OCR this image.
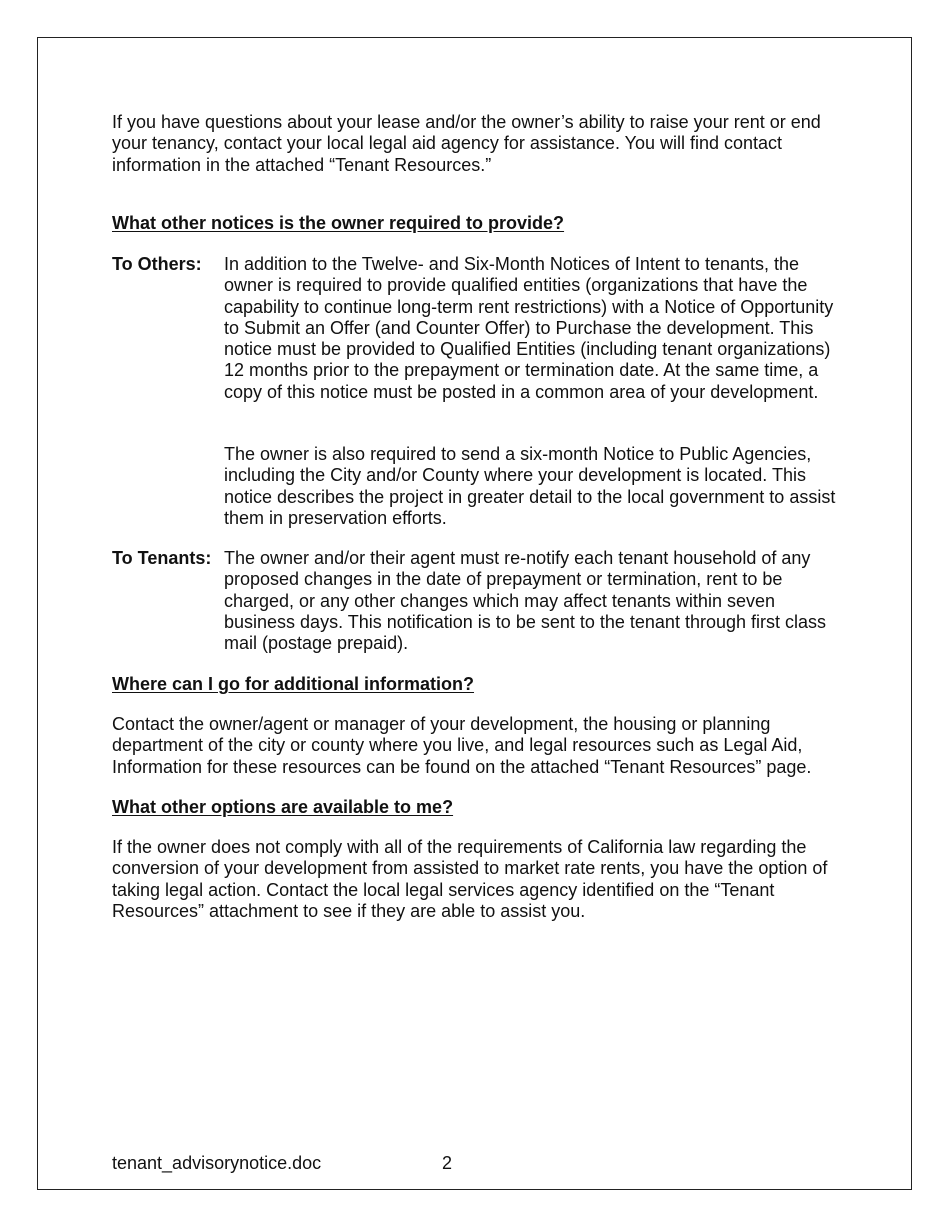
If you have questions about your lease and/or the owner’s ability to raise your rent or end your tenancy, contact your local legal aid agency for assistance. You will find contact information in the attached “Tenant Resources.”

What other notices is the owner required to provide?
To Others: In addition to the Twelve- and Six-Month Notices of Intent to tenants, the owner is required to provide qualified entities (organizations that have the capability to continue long-term rent restrictions) with a Notice of Opportunity to Submit an Offer (and Counter Offer) to Purchase the development. This notice must be provided to Qualified Entities (including tenant organizations) 12 months prior to the prepayment or termination date. At the same time, a copy of this notice must be posted in a common area of your development.

The owner is also required to send a six-month Notice to Public Agencies, including the City and/or County where your development is located. This notice describes the project in greater detail to the local government to assist them in preservation efforts.

To Tenants: The owner and/or their agent must re-notify each tenant household of any proposed changes in the date of prepayment or termination, rent to be charged, or any other changes which may affect tenants within seven business days. This notification is to be sent to the tenant through first class mail (postage prepaid).

Where can I go for additional information?

Contact the owner/agent or manager of your development, the housing or planning department of the city or county where you live, and legal resources such as Legal Aid, Information for these resources can be found on the attached “Tenant Resources” page.

What other options are available to me?

If the owner does not comply with all of the requirements of California law regarding the conversion of your development from assisted to market rate rents, you have the option of taking legal action. Contact the local legal services agency identified on the “Tenant Resources” attachment to see if they are able to assist you.

tenant_advisorynotice.doc	2
